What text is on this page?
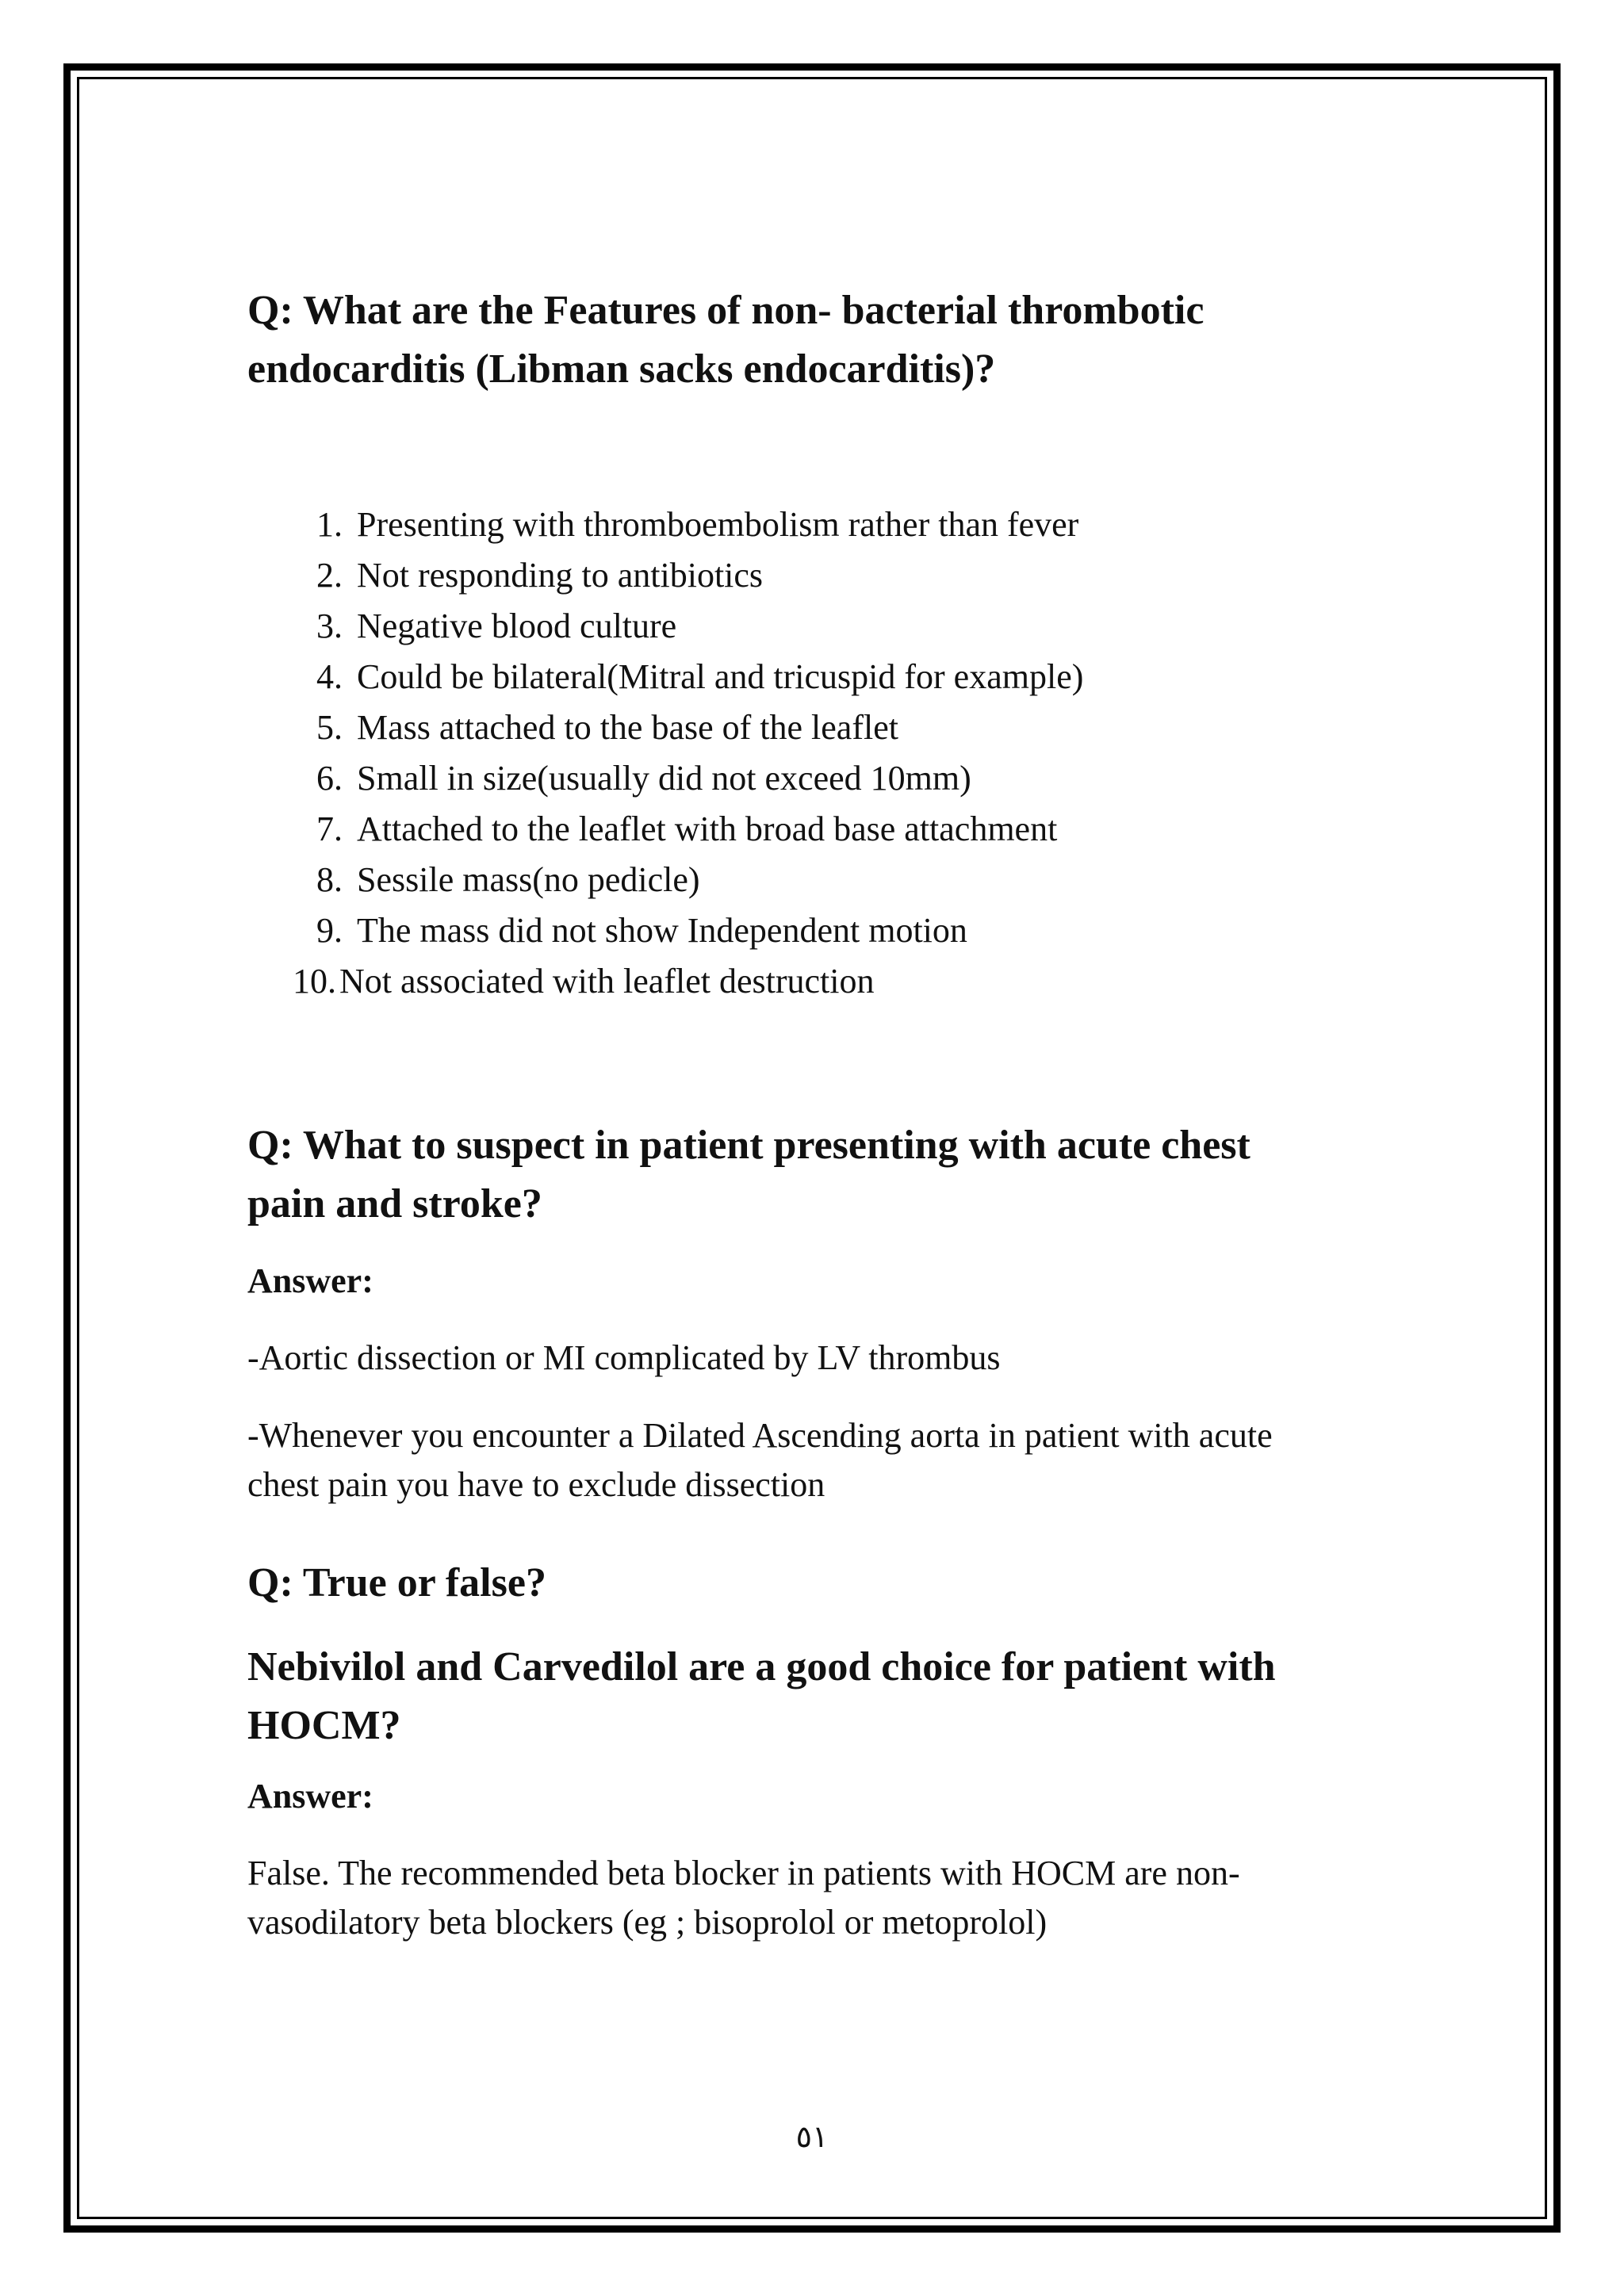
Q: What are the Features of non- bacterial thrombotic

endocarditis (Libman sacks endocarditis)?

1. Presenting with thromboembolism rather than fever
2. Not responding to antibiotics
3. Negative blood culture
4. Could be bilateral(Mitral and tricuspid for example)
5. Mass attached to the base of the leaflet
6. Small in size(usually did not exceed 10mm)
7. Attached to the leaflet with broad base attachment
8. Sessile mass(no pedicle)
9. The mass did not show Independent motion
10. Not associated with leaflet destruction

Q: What to suspect in patient presenting with acute chest

pain and stroke?

Answer:

-Aortic dissection or MI complicated by LV thrombus

-Whenever you encounter a Dilated Ascending aorta in patient with acute

chest pain you have to exclude dissection

Q: True or false?

Nebivilol and Carvedilol are a good choice for patient with

HOCM?

Answer:

False. The recommended beta blocker in patients with HOCM are non-

vasodilatory beta blockers (eg ; bisoprolol or metoprolol)

٥١
